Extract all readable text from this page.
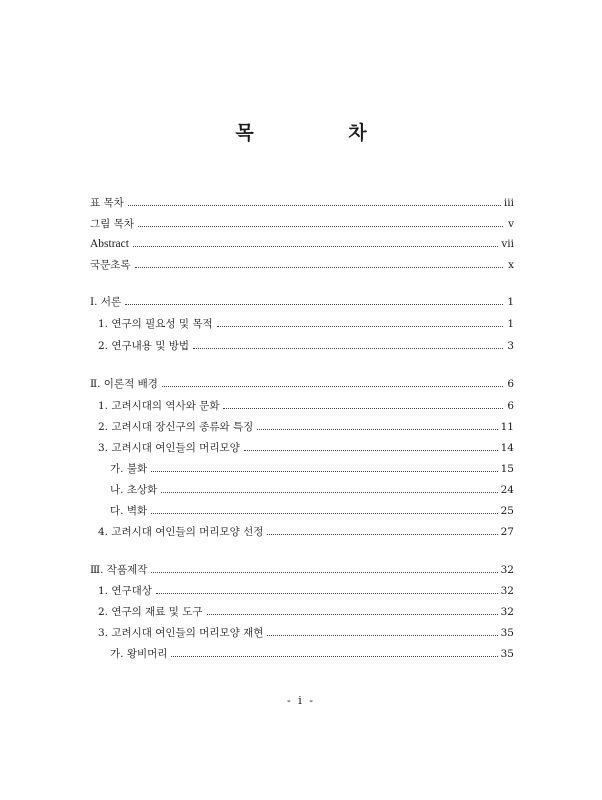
목 차
표 목차	iii
그림 목차	v
Abstract	vii
국문초록	x
Ⅰ. 서론	1
1. 연구의 필요성 및 목적	1
2. 연구내용 및 방법	3
Ⅱ. 이론적 배경	6
1. 고려시대의 역사와 문화	6
2. 고려시대 장신구의 종류와 특징	11
3. 고려시대 여인들의 머리모양	14
가. 불화	15
나. 초상화	24
다. 벽화	25
4. 고려시대 여인들의 머리모양 선정	27
Ⅲ. 작품제작	32
1. 연구대상	32
2. 연구의 재료 및 도구	32
3. 고려시대 여인들의 머리모양 재현	35
가. 왕비머리	35
- i -
